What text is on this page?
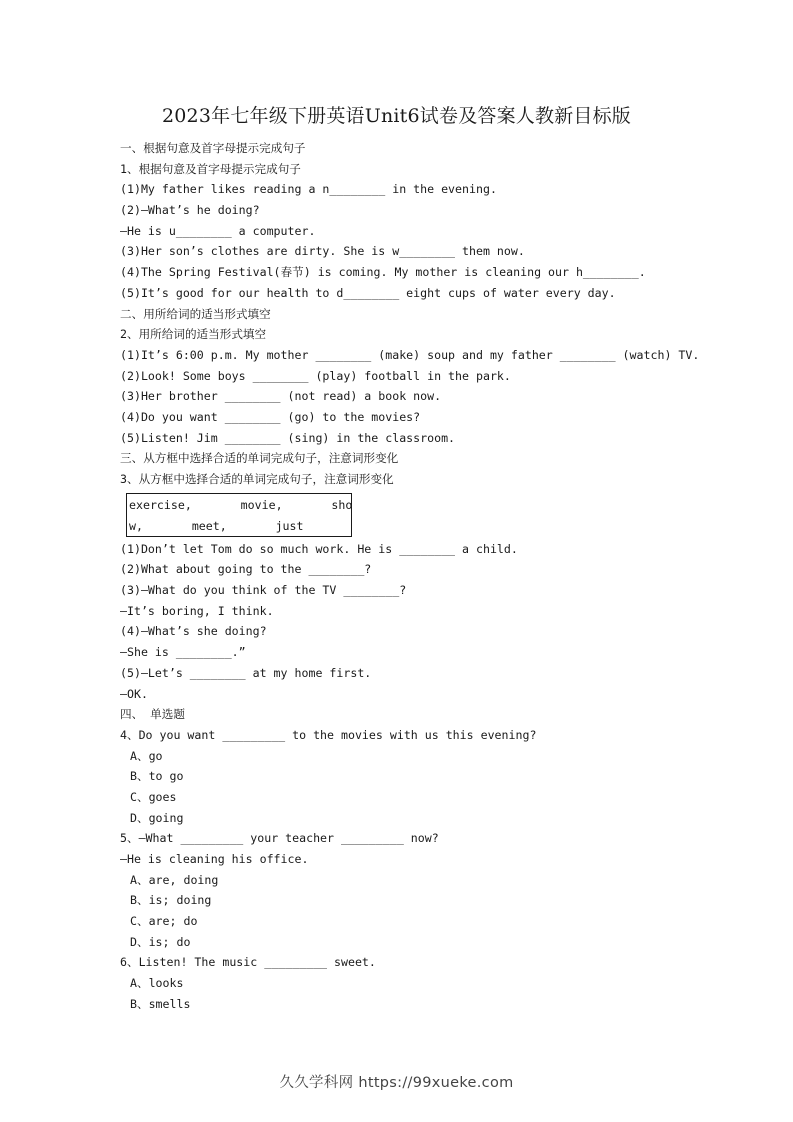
2023年七年级下册英语Unit6试卷及答案人教新目标版
一、根据句意及首字母提示完成句子
1、根据句意及首字母提示完成句子
(1)My father likes reading a n________ in the evening.
(2)—What’s he doing?
—He is u________ a computer.
(3)Her son’s clothes are dirty. She is w________ them now.
(4)The Spring Festival(春节) is coming. My mother is cleaning our h________.
(5)It’s good for our health to d________ eight cups of water every day.
二、用所给词的适当形式填空
2、用所给词的适当形式填空
(1)It’s 6:00 p.m. My mother ________ (make) soup and my father ________ (watch) TV.
(2)Look! Some boys ________ (play) football in the park.
(3)Her brother ________ (not read) a book now.
(4)Do you want ________ (go) to the movies?
(5)Listen! Jim ________ (sing) in the classroom.
三、从方框中选择合适的单词完成句子，注意词形变化
3、从方框中选择合适的单词完成句子，注意词形变化
exercise,       movie,       sho
w,       meet,       just
(1)Don’t let Tom do so much work. He is ________ a child.
(2)What about going to the ________?
(3)—What do you think of the TV ________?
—It’s boring, I think.
(4)—What’s she doing?
—She is ________.”
(5)—Let’s ________ at my home first.
—OK.
四、 单选题
4、Do you want _________ to the movies with us this evening?
A、go
B、to go
C、goes
D、going
5、—What _________ your teacher _________ now?
—He is cleaning his office.
A、are, doing
B、is; doing
C、are; do
D、is; do
6、Listen! The music _________ sweet.
A、looks
B、smells
久久学科网 https://99xueke.com
